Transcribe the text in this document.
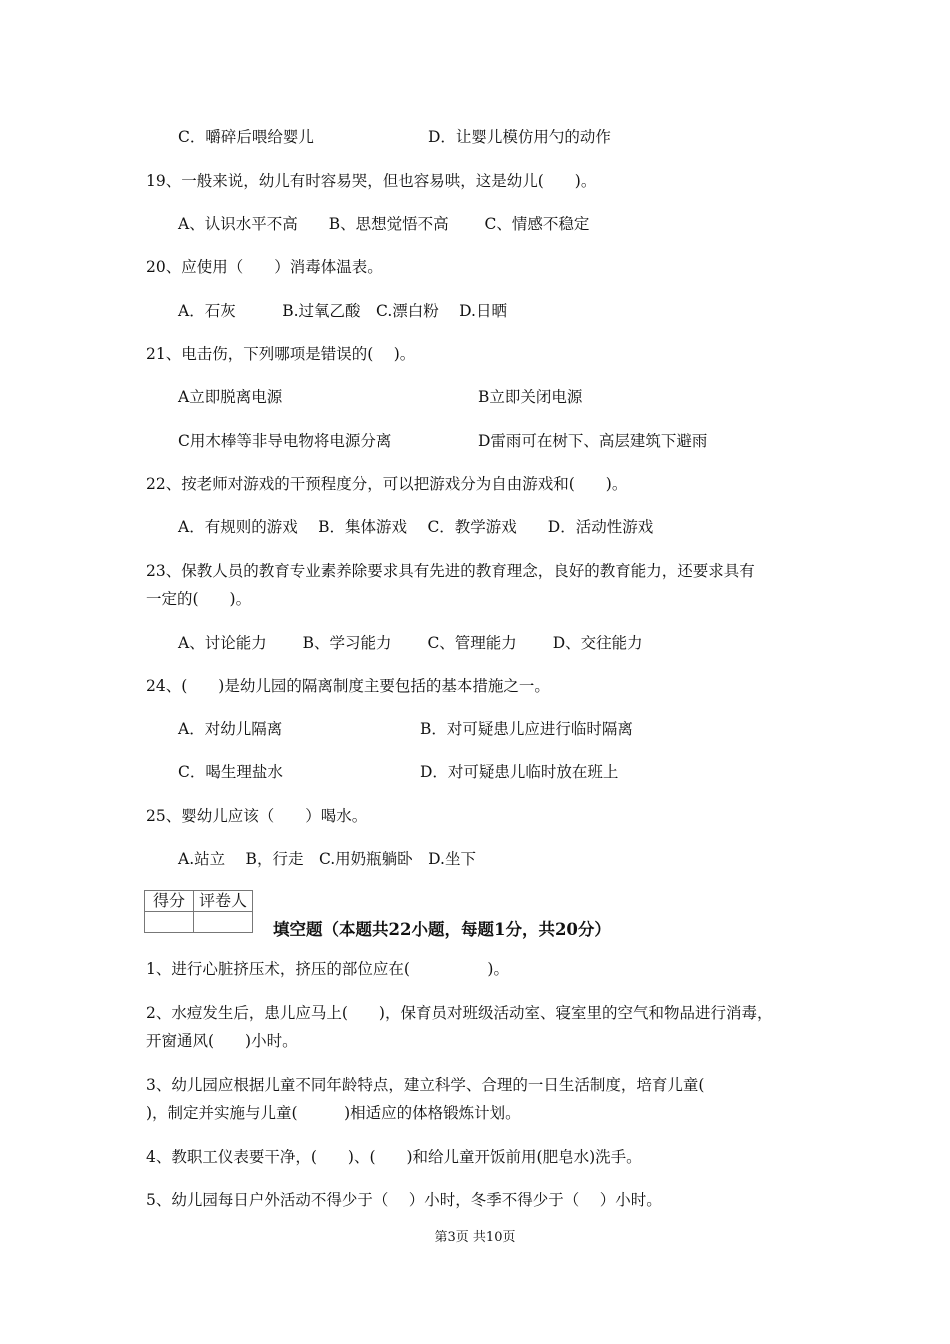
C．嚼碎后喂给婴儿	D．让婴儿模仿用勺的动作
19、一般来说，幼儿有时容易哭，但也容易哄，这是幼儿(　　)。
A、认识水平不高　　B、思想觉悟不高　　 C、情感不稳定
20、应使用（　　）消毒体温表。
A．石灰　　　B.过氧乙酸　C.漂白粉　 D.日晒
21、电击伤，下列哪项是错误的(　 )。
A立即脱离电源	B立即关闭电源
C用木棒等非导电物将电源分离	D雷雨可在树下、高层建筑下避雨
22、按老师对游戏的干预程度分，可以把游戏分为自由游戏和(　　)。
A．有规则的游戏　 B．集体游戏　 C．教学游戏　　D．活动性游戏
23、保教人员的教育专业素养除要求具有先进的教育理念，良好的教育能力，还要求具有
一定的(　　)。
A、讨论能力　　 B、学习能力　　 C、管理能力　　 D、交往能力
24、(　　)是幼儿园的隔离制度主要包括的基本措施之一。
A．对幼儿隔离	B．对可疑患儿应进行临时隔离
C．喝生理盐水	D．对可疑患儿临时放在班上
25、婴幼儿应该（　　）喝水。
A.站立　 B，行走　C.用奶瓶躺卧　D.坐下
得分	评卷人

填空题（本题共22小题，每题1分，共20分）
1、进行心脏挤压术，挤压的部位应在(　　　　　)。
2、水痘发生后，患儿应马上(　　)，保育员对班级活动室、寝室里的空气和物品进行消毒，
开窗通风(　　)小时。
3、幼儿园应根据儿童不同年龄特点，建立科学、合理的一日生活制度，培育儿童(
)，制定并实施与儿童(　　　)相适应的体格锻炼计划。
4、教职工仪表要干净，(　　)、(　　)和给儿童开饭前用(肥皂水)洗手。
5、幼儿园每日户外活动不得少于（　 ）小时，冬季不得少于（　 ）小时。
第3页 共10页
